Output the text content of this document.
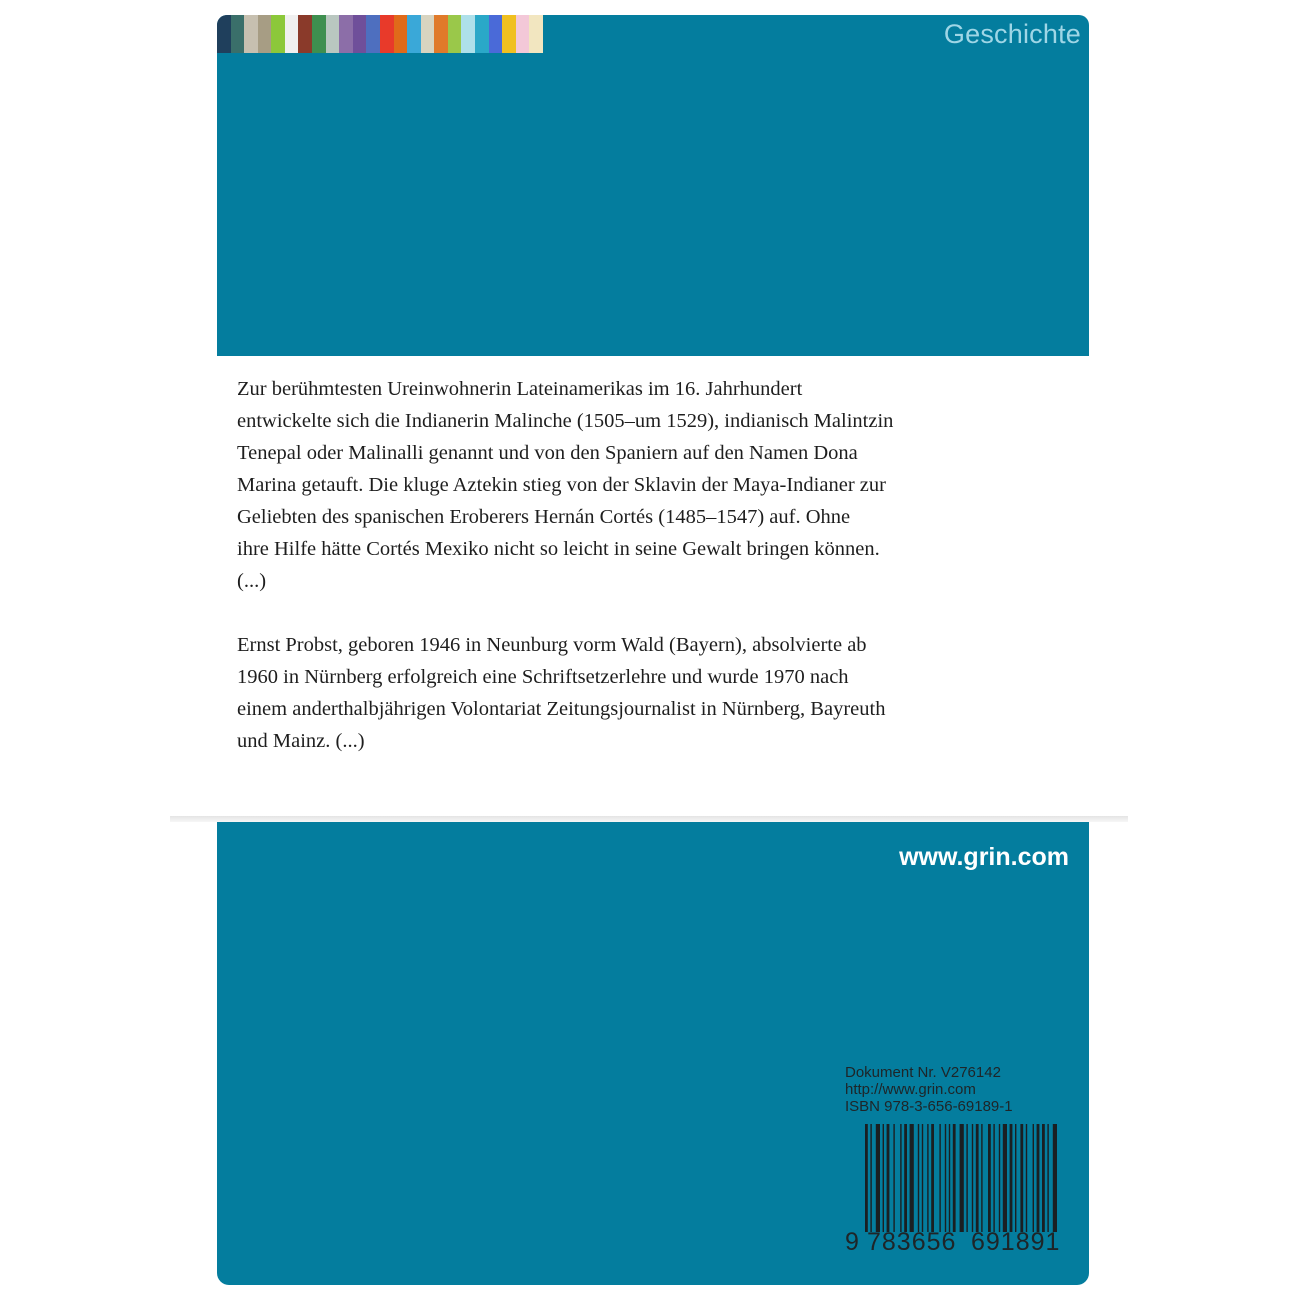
Geschichte

Zur berühmtesten Ureinwohnerin Lateinamerikas im 16. Jahrhundert
entwickelte sich die Indianerin Malinche (1505–um 1529), indianisch Malintzin
Tenepal oder Malinalli genannt und von den Spaniern auf den Namen Dona
Marina getauft. Die kluge Aztekin stieg von der Sklavin der Maya-Indianer zur
Geliebten des spanischen Eroberers Hernán Cortés (1485–1547) auf. Ohne
ihre Hilfe hätte Cortés Mexiko nicht so leicht in seine Gewalt bringen können.
(...)

Ernst Probst, geboren 1946 in Neunburg vorm Wald (Bayern), absolvierte ab
1960 in Nürnberg erfolgreich eine Schriftsetzerlehre und wurde 1970 nach
einem anderthalbjährigen Volontariat Zeitungsjournalist in Nürnberg, Bayreuth
und Mainz. (...)

www.grin.com
Dokument Nr. V276142
http://www.grin.com
ISBN 978-3-656-69189-1
9 783656 691891
